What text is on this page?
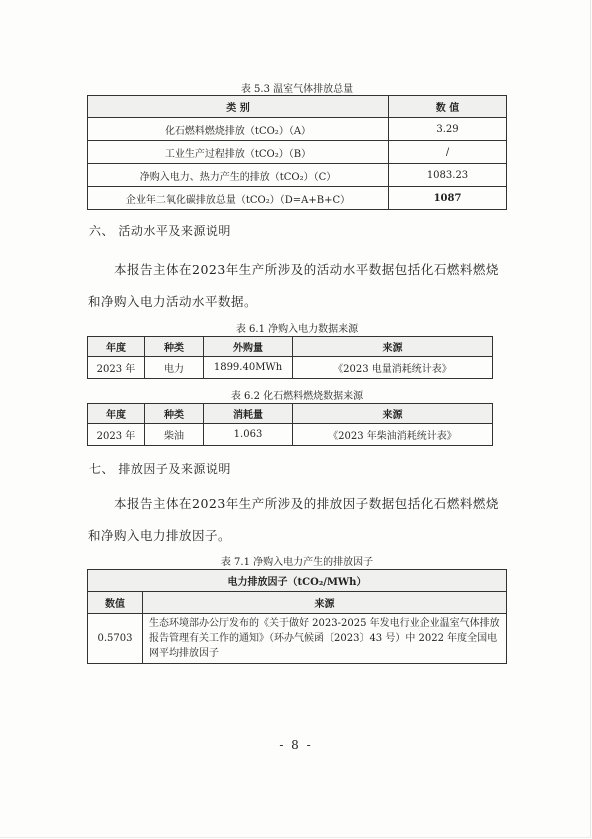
表 5.3 温室气体排放总量
类 别	数 值
化石燃料燃烧排放（tCO₂）（A）	3.29
工业生产过程排放（tCO₂）（B）	/
净购入电力、热力产生的排放（tCO₂）（C）	1083.23
企业年二氧化碳排放总量（tCO₂）（D=A+B+C）	1087
六、 活动水平及来源说明
本报告主体在2023年生产所涉及的活动水平数据包括化石燃料燃烧和净购入电力活动水平数据。
表 6.1 净购入电力数据来源
年度	种类	外购量	来源
2023 年	电力	1899.40MWh	《2023 电量消耗统计表》
表 6.2 化石燃料燃烧数据来源
年度	种类	消耗量	来源
2023 年	柴油	1.063	《2023 年柴油消耗统计表》
七、 排放因子及来源说明
本报告主体在2023年生产所涉及的排放因子数据包括化石燃料燃烧和净购入电力排放因子。
表 7.1 净购入电力产生的排放因子
电力排放因子（tCO₂/MWh）	
数值	来源
0.5703	生态环境部办公厅发布的《关于做好 2023-2025 年发电行业企业温室气体排放报告管理有关工作的通知》（环办气候函〔2023〕43 号）中 2022 年度全国电网平均排放因子
- 8 -
